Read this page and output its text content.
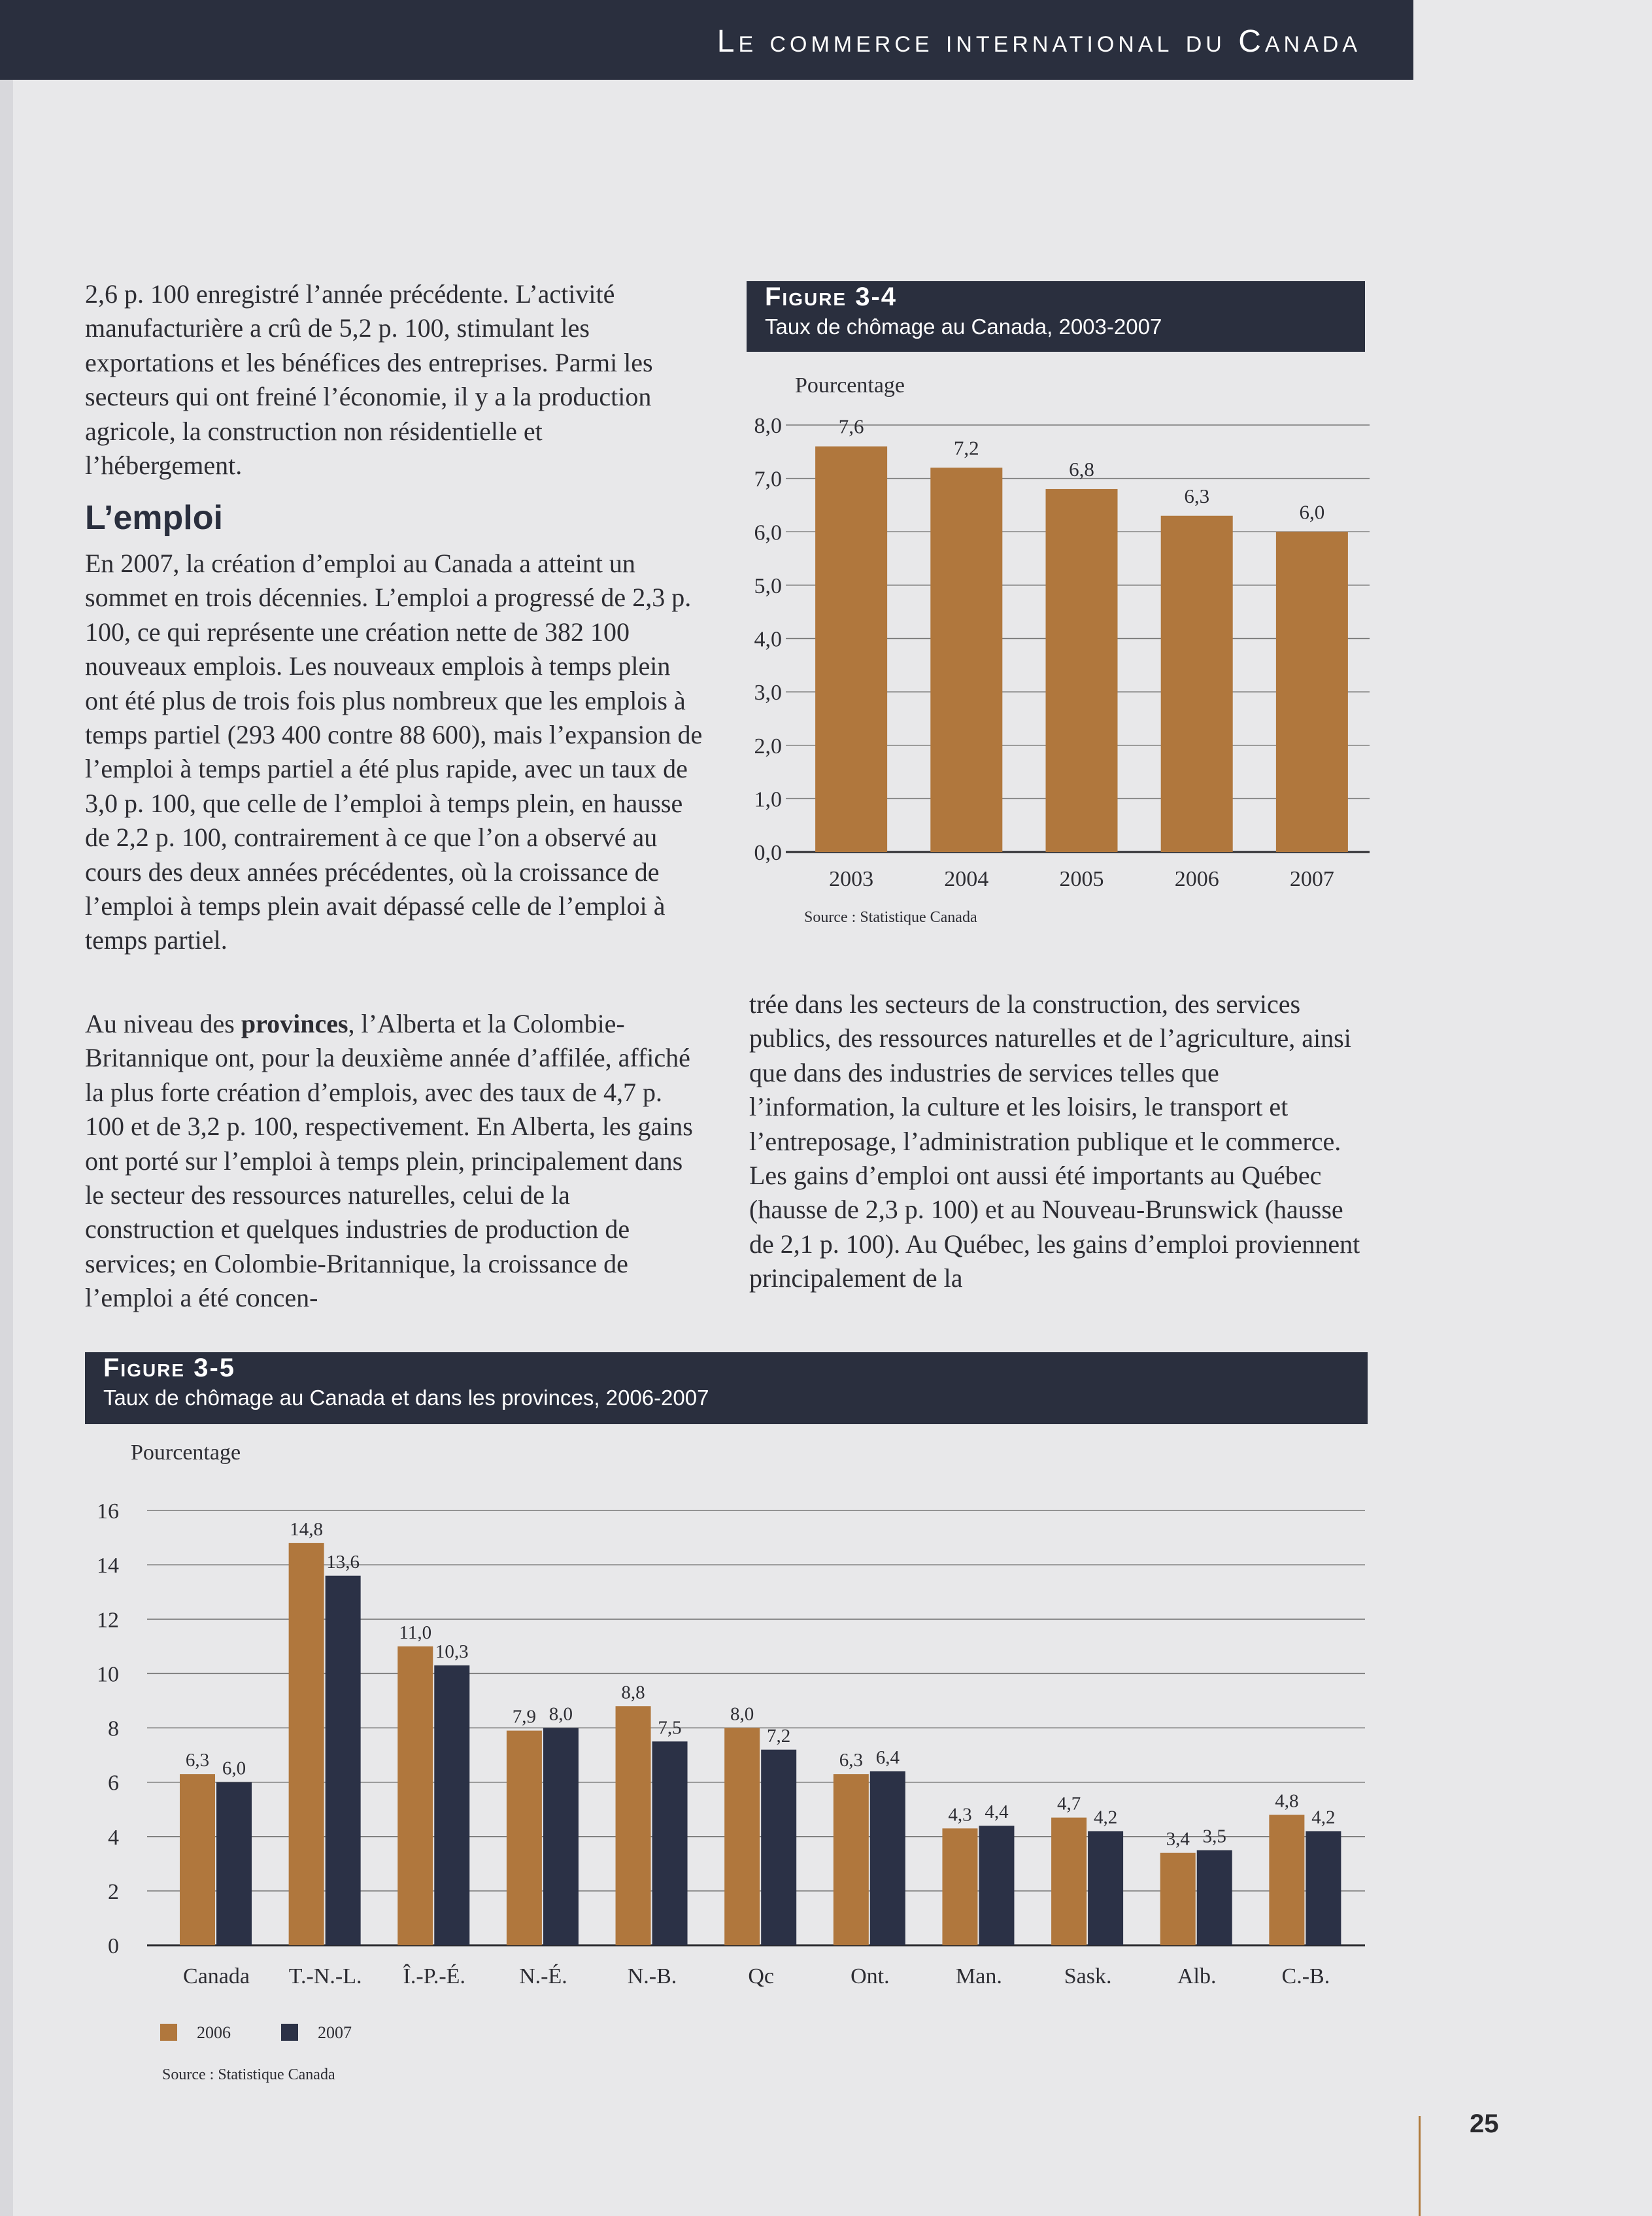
Le commerce international du Canada

2,6 p. 100 enregistré l’année précédente. L’activité manufacturière a crû de 5,2 p. 100, stimulant les exportations et les bénéfices des entreprises. Parmi les secteurs qui ont freiné l’économie, il y a la production agricole, la construction non résidentielle et l’hébergement.

L’emploi

En 2007, la création d’emploi au Canada a atteint un sommet en trois décennies. L’emploi a progressé de 2,3 p. 100, ce qui représente une création nette de 382 100 nouveaux emplois. Les nouveaux emplois à temps plein ont été plus de trois fois plus nombreux que les emplois à temps partiel (293 400 contre 88 600), mais l’expansion de l’emploi à temps partiel a été plus rapide, avec un taux de 3,0 p. 100, que celle de l’emploi à temps plein, en hausse de 2,2 p. 100, contrairement à ce que l’on a observé au cours des deux années précédentes, où la croissance de l’emploi à temps plein avait dépassé celle de l’emploi à temps partiel.

Au niveau des provinces, l’Alberta et la Colombie-Britannique ont, pour la deuxième année d’affilée, affiché la plus forte création d’emplois, avec des taux de 4,7 p. 100 et de 3,2 p. 100, respectivement. En Alberta, les gains ont porté sur l’emploi à temps plein, principalement dans le secteur des ressources naturelles, celui de la construction et quelques industries de production de services; en Colombie-Britannique, la croissance de l’emploi a été concen-

trée dans les secteurs de la construction, des services publics, des ressources naturelles et de l’agriculture, ainsi que dans des industries de services telles que l’information, la culture et les loisirs, le transport et l’entreposage, l’administration publique et le commerce. Les gains d’emploi ont aussi été importants au Québec (hausse de 2,3 p. 100) et au Nouveau-Brunswick (hausse de 2,1 p. 100). Au Québec, les gains d’emploi proviennent principalement de la

Figure 3-4
Taux de chômage au Canada, 2003-2007
Pourcentage
0,0
1,0
2,0
3,0
4,0
5,0
6,0
7,0
8,0	7,6
2003
7,2
2004
6,8
2005
6,3
2006
6,0
2007
Source : Statistique Canada
Figure 3-5
Taux de chômage au Canada et dans les provinces, 2006-2007
Pourcentage
0
2
4
6
8
10
12
14
16
6,3 6,0
Canada
14,8
13,6
T.-N.-L.
11,0
10,3
Î.-P.-É.
7,9 8,0
N.-É.
8,8
7,5
N.-B.
8,0
7,2
Qc
6,3 6,4
Ont.
4,3 4,4
Man.
4,7
4,2
Sask.
3,4 3,5
Alb.
4,8
4,2
C.-B.
2006	2007
Source : Statistique Canada
25
